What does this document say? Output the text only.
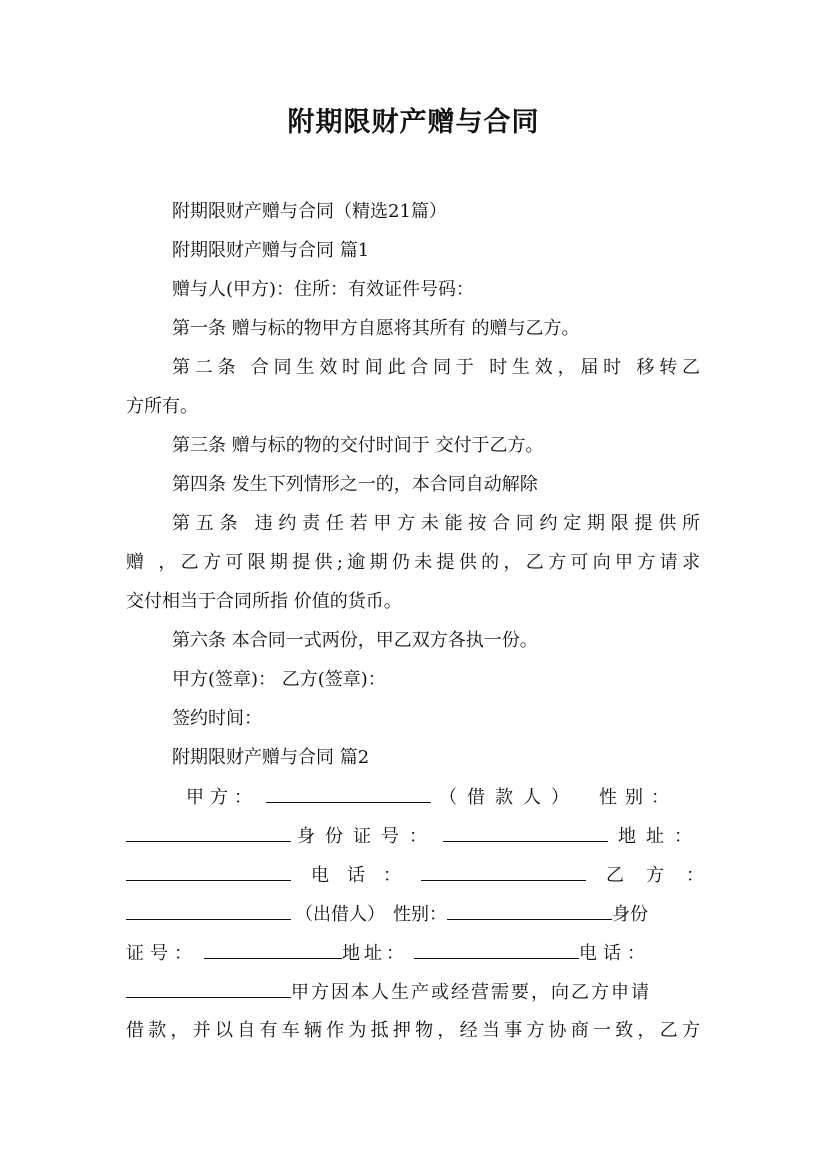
附期限财产赠与合同
附期限财产赠与合同（精选21篇）
附期限财产赠与合同 篇1
赠与人(甲方)：住所：有效证件号码：
第一条 赠与标的物甲方自愿将其所有 的赠与乙方。
第二条 合同生效时间此合同于 时生效，届时 移转乙
方所有。
第三条 赠与标的物的交付时间于 交付于乙方。
第四条 发生下列情形之一的，本合同自动解除
第五条 违约责任若甲方未能按合同约定期限提供所
赠 ，乙方可限期提供;逾期仍未提供的，乙方可向甲方请求
交付相当于合同所指 价值的货币。
第六条 本合同一式两份，甲乙双方各执一份。
甲方(签章)： 乙方(签章)：
签约时间：
附期限财产赠与合同 篇2
甲方：	（借款人） 性别：
身份证号：	地址：
电话：	乙方：
（出借人） 性别：	身份
证号：	地址：	电话：
甲方因本人生产或经营需要，向乙方申请
借款，并以自有车辆作为抵押物，经当事方协商一致，乙方
